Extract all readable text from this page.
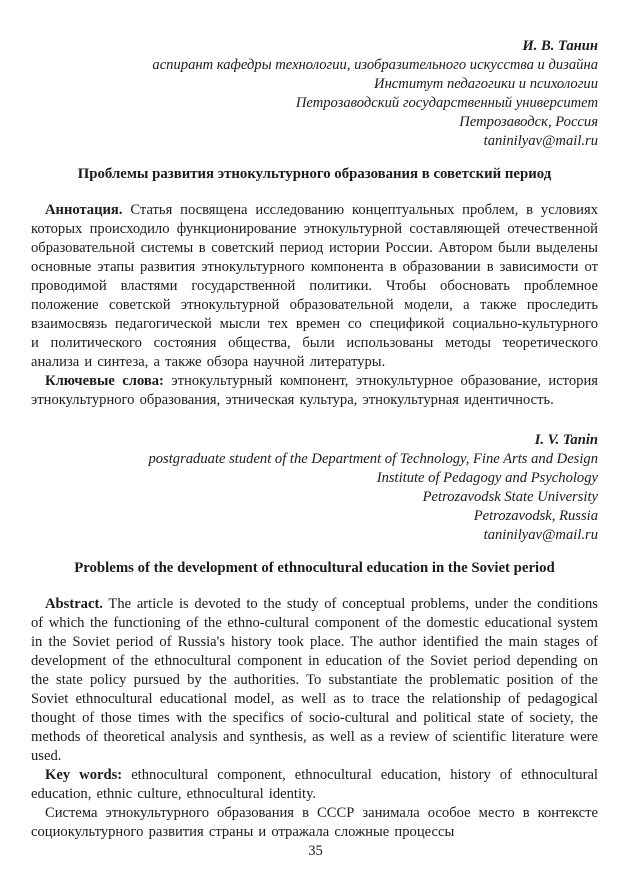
И. В. Танин
аспирант кафедры технологии, изобразительного искусства и дизайна
Институт педагогики и психологии
Петрозаводский государственный университет
Петрозаводск, Россия
taninilyav@mail.ru
Проблемы развития этнокультурного образования в советский период

Аннотация. Статья посвящена исследованию концептуальных проблем, в условиях которых происходило функционирование этнокультурной составляющей отечественной образовательной системы в советский период истории России. Автором были выделены основные этапы развития этнокультурного компонента в образовании в зависимости от проводимой властями государственной политики. Чтобы обосновать проблемное положение советской этнокультурной образовательной модели, а также проследить взаимосвязь педагогической мысли тех времен со спецификой социально-культурного и политического состояния общества, были использованы методы теоретического анализа и синтеза, а также обзора научной литературы.

Ключевые слова: этнокультурный компонент, этнокультурное образование, история этнокультурного образования, этническая культура, этнокультурная идентичность.

I. V. Tanin
postgraduate student of the Department of Technology, Fine Arts and Design
Institute of Pedagogy and Psychology
Petrozavodsk State University
Petrozavodsk, Russia
taninilyav@mail.ru
Problems of the development of ethnocultural education in the Soviet period

Abstract. The article is devoted to the study of conceptual problems, under the conditions of which the functioning of the ethno-cultural component of the domestic educational system in the Soviet period of Russia's history took place. The author identified the main stages of development of the ethnocultural component in education of the Soviet period depending on the state policy pursued by the authorities. To substantiate the problematic position of the Soviet ethnocultural educational model, as well as to trace the relationship of pedagogical thought of those times with the specifics of socio-cultural and political state of society, the methods of theoretical analysis and synthesis, as well as a review of scientific literature were used.

Key words: ethnocultural component, ethnocultural education, history of ethnocultural education, ethnic culture, ethnocultural identity.

Система этнокультурного образования в СССР занимала особое место в контексте социокультурного развития страны и отражала сложные процессы

35
